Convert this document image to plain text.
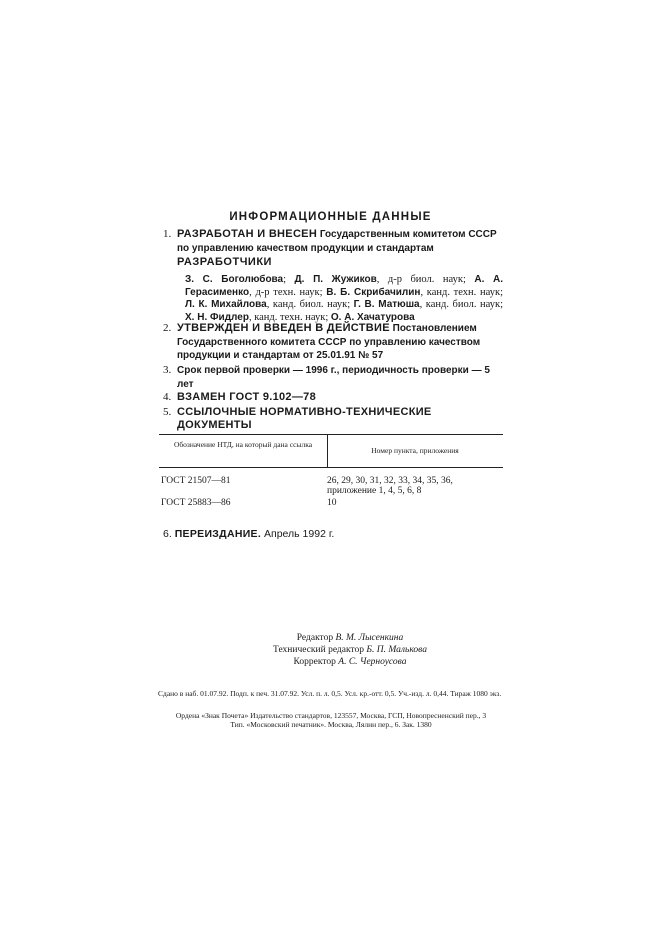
ИНФОРМАЦИОННЫЕ ДАННЫЕ
1. РАЗРАБОТАН И ВНЕСЕН Государственным комитетом СССР по управлению качеством продукции и стандартам
РАЗРАБОТЧИКИ
З. С. Боголюбова; Д. П. Жужиков, д-р биол. наук; А. А. Герасименко, д-р техн. наук; В. Б. Скрибачилин, канд. техн. наук; Л. К. Михайлова, канд. биол. наук; Г. В. Матюша, канд. биол. наук; Х. Н. Фидлер, канд. техн. наук; О. А. Хачатурова
2. УТВЕРЖДЕН И ВВЕДЕН В ДЕЙСТВИЕ Постановлением Государственного комитета СССР по управлению качеством продукции и стандартам от 25.01.91 № 57
3. Срок первой проверки — 1996 г., периодичность проверки — 5 лет
4. ВЗАМЕН ГОСТ 9.102—78
5. ССЫЛОЧНЫЕ НОРМАТИВНО-ТЕХНИЧЕСКИЕ ДОКУМЕНТЫ
Обозначение НТД, на который дана ссылка
Номер пункта, приложения
ГОСТ 21507—81	26, 29, 30, 31, 32, 33, 34, 35, 36, приложение 1, 4, 5, 6, 8
ГОСТ 25883—86	10
6. ПЕРЕИЗДАНИЕ. Апрель 1992 г.
Редактор В. М. Лысенкина
Технический редактор Б. П. Малькова
Корректор А. С. Черноусова
Сдано в наб. 01.07.92. Подп. к печ. 31.07.92. Усл. п. л. 0,5. Усл. кр.-отт. 0,5. Уч.-изд. л. 0,44. Тираж 1080 экз.
Ордена «Знак Почета» Издательство стандартов, 123557, Москва, ГСП, Новопресненский пер., 3
Тип. «Московский печатник». Москва, Лялин пер., 6. Зак. 1380
